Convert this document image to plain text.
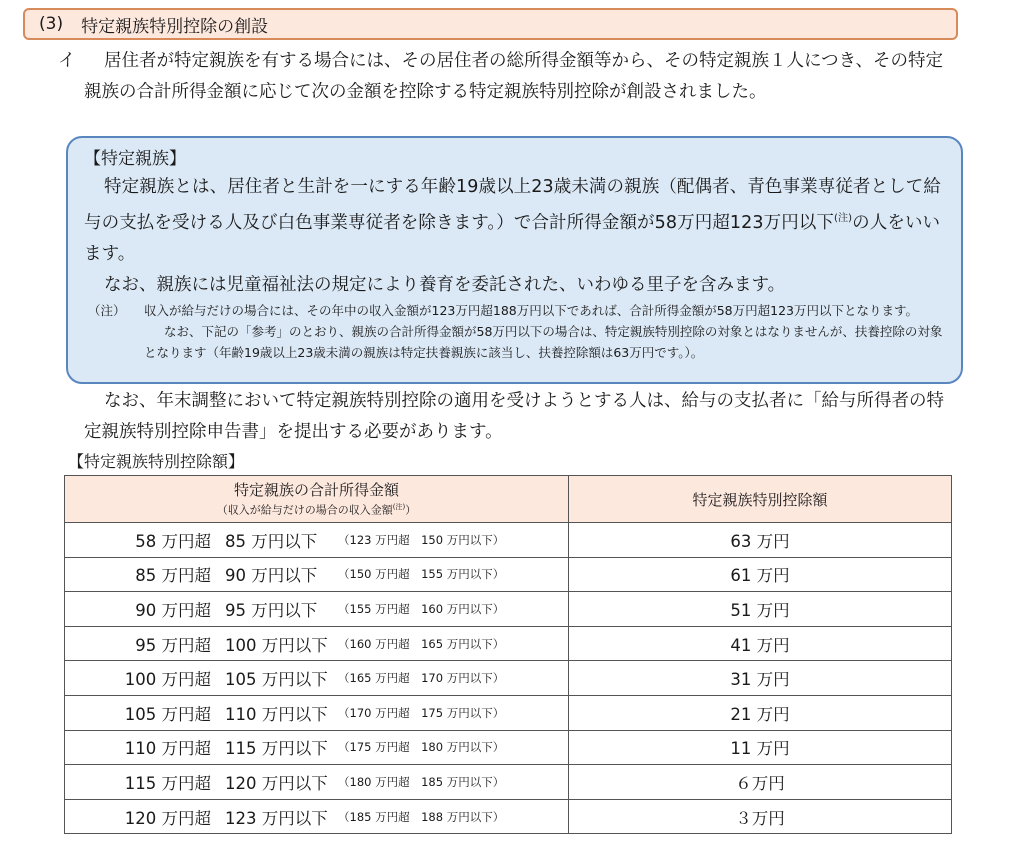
(3) 特定親族特別控除の創設
イ	居住者が特定親族を有する場合には、その居住者の総所得金額等から、その特定親族１人につき、その特定親族の合計所得金額に応じて次の金額を控除する特定親族特別控除が創設されました。
【特定親族】
特定親族とは、居住者と生計を一にする年齢19歳以上23歳未満の親族（配偶者、青色事業専従者として給与の支払を受ける人及び白色事業専従者を除きます。）で合計所得金額が58万円超123万円以下$^{(注)}$の人をいいます。
なお、親族には児童福祉法の規定により養育を委託された、いわゆる里子を含みます。
（注） 収入が給与だけの場合には、その年中の収入金額が123万円超188万円以下であれば、合計所得金額が58万円超123万円以下となります。
なお、下記の「参考」のとおり、親族の合計所得金額が58万円以下の場合は、特定親族特別控除の対象とはなりませんが、扶養控除の対象となります（年齢19歳以上23歳未満の親族は特定扶養親族に該当し、扶養控除額は63万円です。）。
なお、年末調整において特定親族特別控除の適用を受けようとする人は、給与の支払者に「給与所得者の特定親族特別控除申告書」を提出する必要があります。
【特定親族特別控除額】
特定親族の合計所得金額
（収入が給与だけの場合の収入金額$^{(注)}$）	特定親族特別控除額

58 万円超 85 万円以下 （123 万円超　150 万円以下）	63 万円

85 万円超 90 万円以下 （150 万円超　155 万円以下）	61 万円

90 万円超 95 万円以下 （155 万円超　160 万円以下）	51 万円

95 万円超 100 万円以下 （160 万円超　165 万円以下）	41 万円

100 万円超 105 万円以下 （165 万円超　170 万円以下）	31 万円

105 万円超 110 万円以下 （170 万円超　175 万円以下）	21 万円

110 万円超 115 万円以下 （175 万円超　180 万円以下）	11 万円

115 万円超 120 万円以下 （180 万円超　185 万円以下）	６万円

120 万円超 123 万円以下 （185 万円超　188 万円以下）	３万円
